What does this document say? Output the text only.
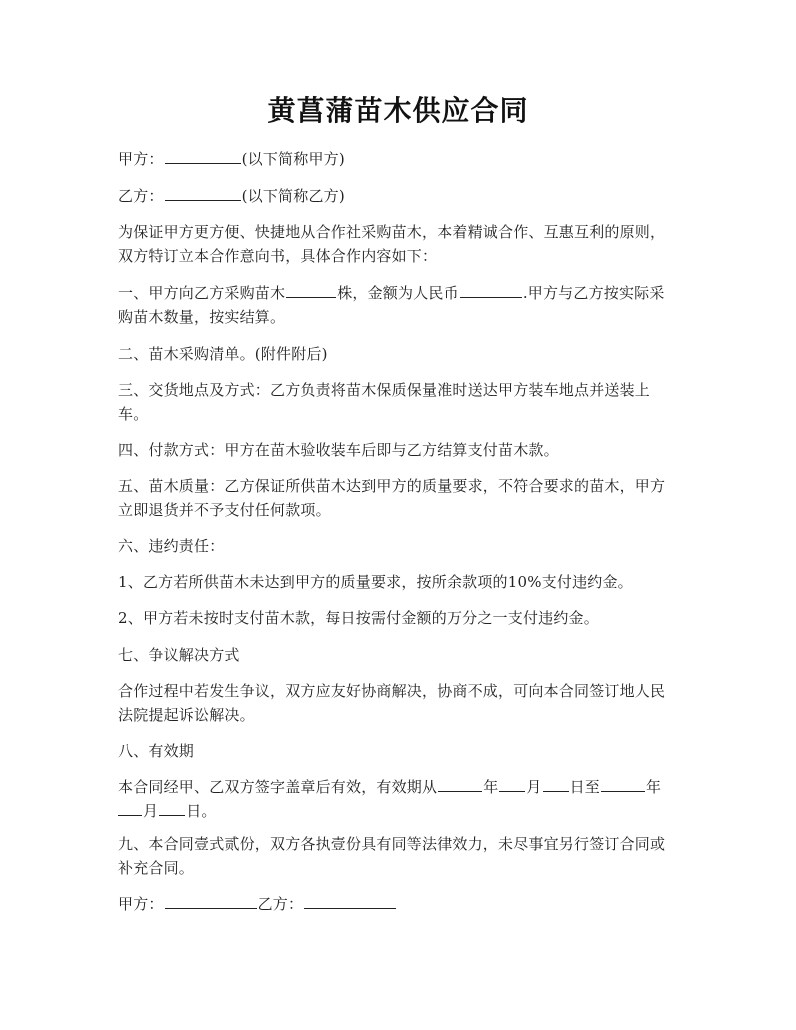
黄菖蒲苗木供应合同
甲方：	(以下简称甲方)
乙方：	(以下简称乙方)
为保证甲方更方便、快捷地从合作社采购苗木，本着精诚合作、互惠互利的原则，
双方特订立本合作意向书，具体合作内容如下：
一、甲方向乙方采购苗木	株，金额为人民币	.甲方与乙方按实际采
购苗木数量，按实结算。
二、苗木采购清单。(附件附后)
三、交货地点及方式：乙方负责将苗木保质保量准时送达甲方装车地点并送装上
车。
四、付款方式：甲方在苗木验收装车后即与乙方结算支付苗木款。
五、苗木质量：乙方保证所供苗木达到甲方的质量要求，不符合要求的苗木，甲方
立即退货并不予支付任何款项。
六、违约责任：
1、乙方若所供苗木未达到甲方的质量要求，按所余款项的10%支付违约金。
2、甲方若未按时支付苗木款，每日按需付金额的万分之一支付违约金。
七、争议解决方式
合作过程中若发生争议，双方应友好协商解决，协商不成，可向本合同签订地人民
法院提起诉讼解决。
八、有效期
本合同经甲、乙双方签字盖章后有效，有效期从	年 月 日至	年
月 日。
九、本合同壹式贰份，双方各执壹份具有同等法律效力，未尽事宜另行签订合同或
补充合同。
甲方：	乙方：
